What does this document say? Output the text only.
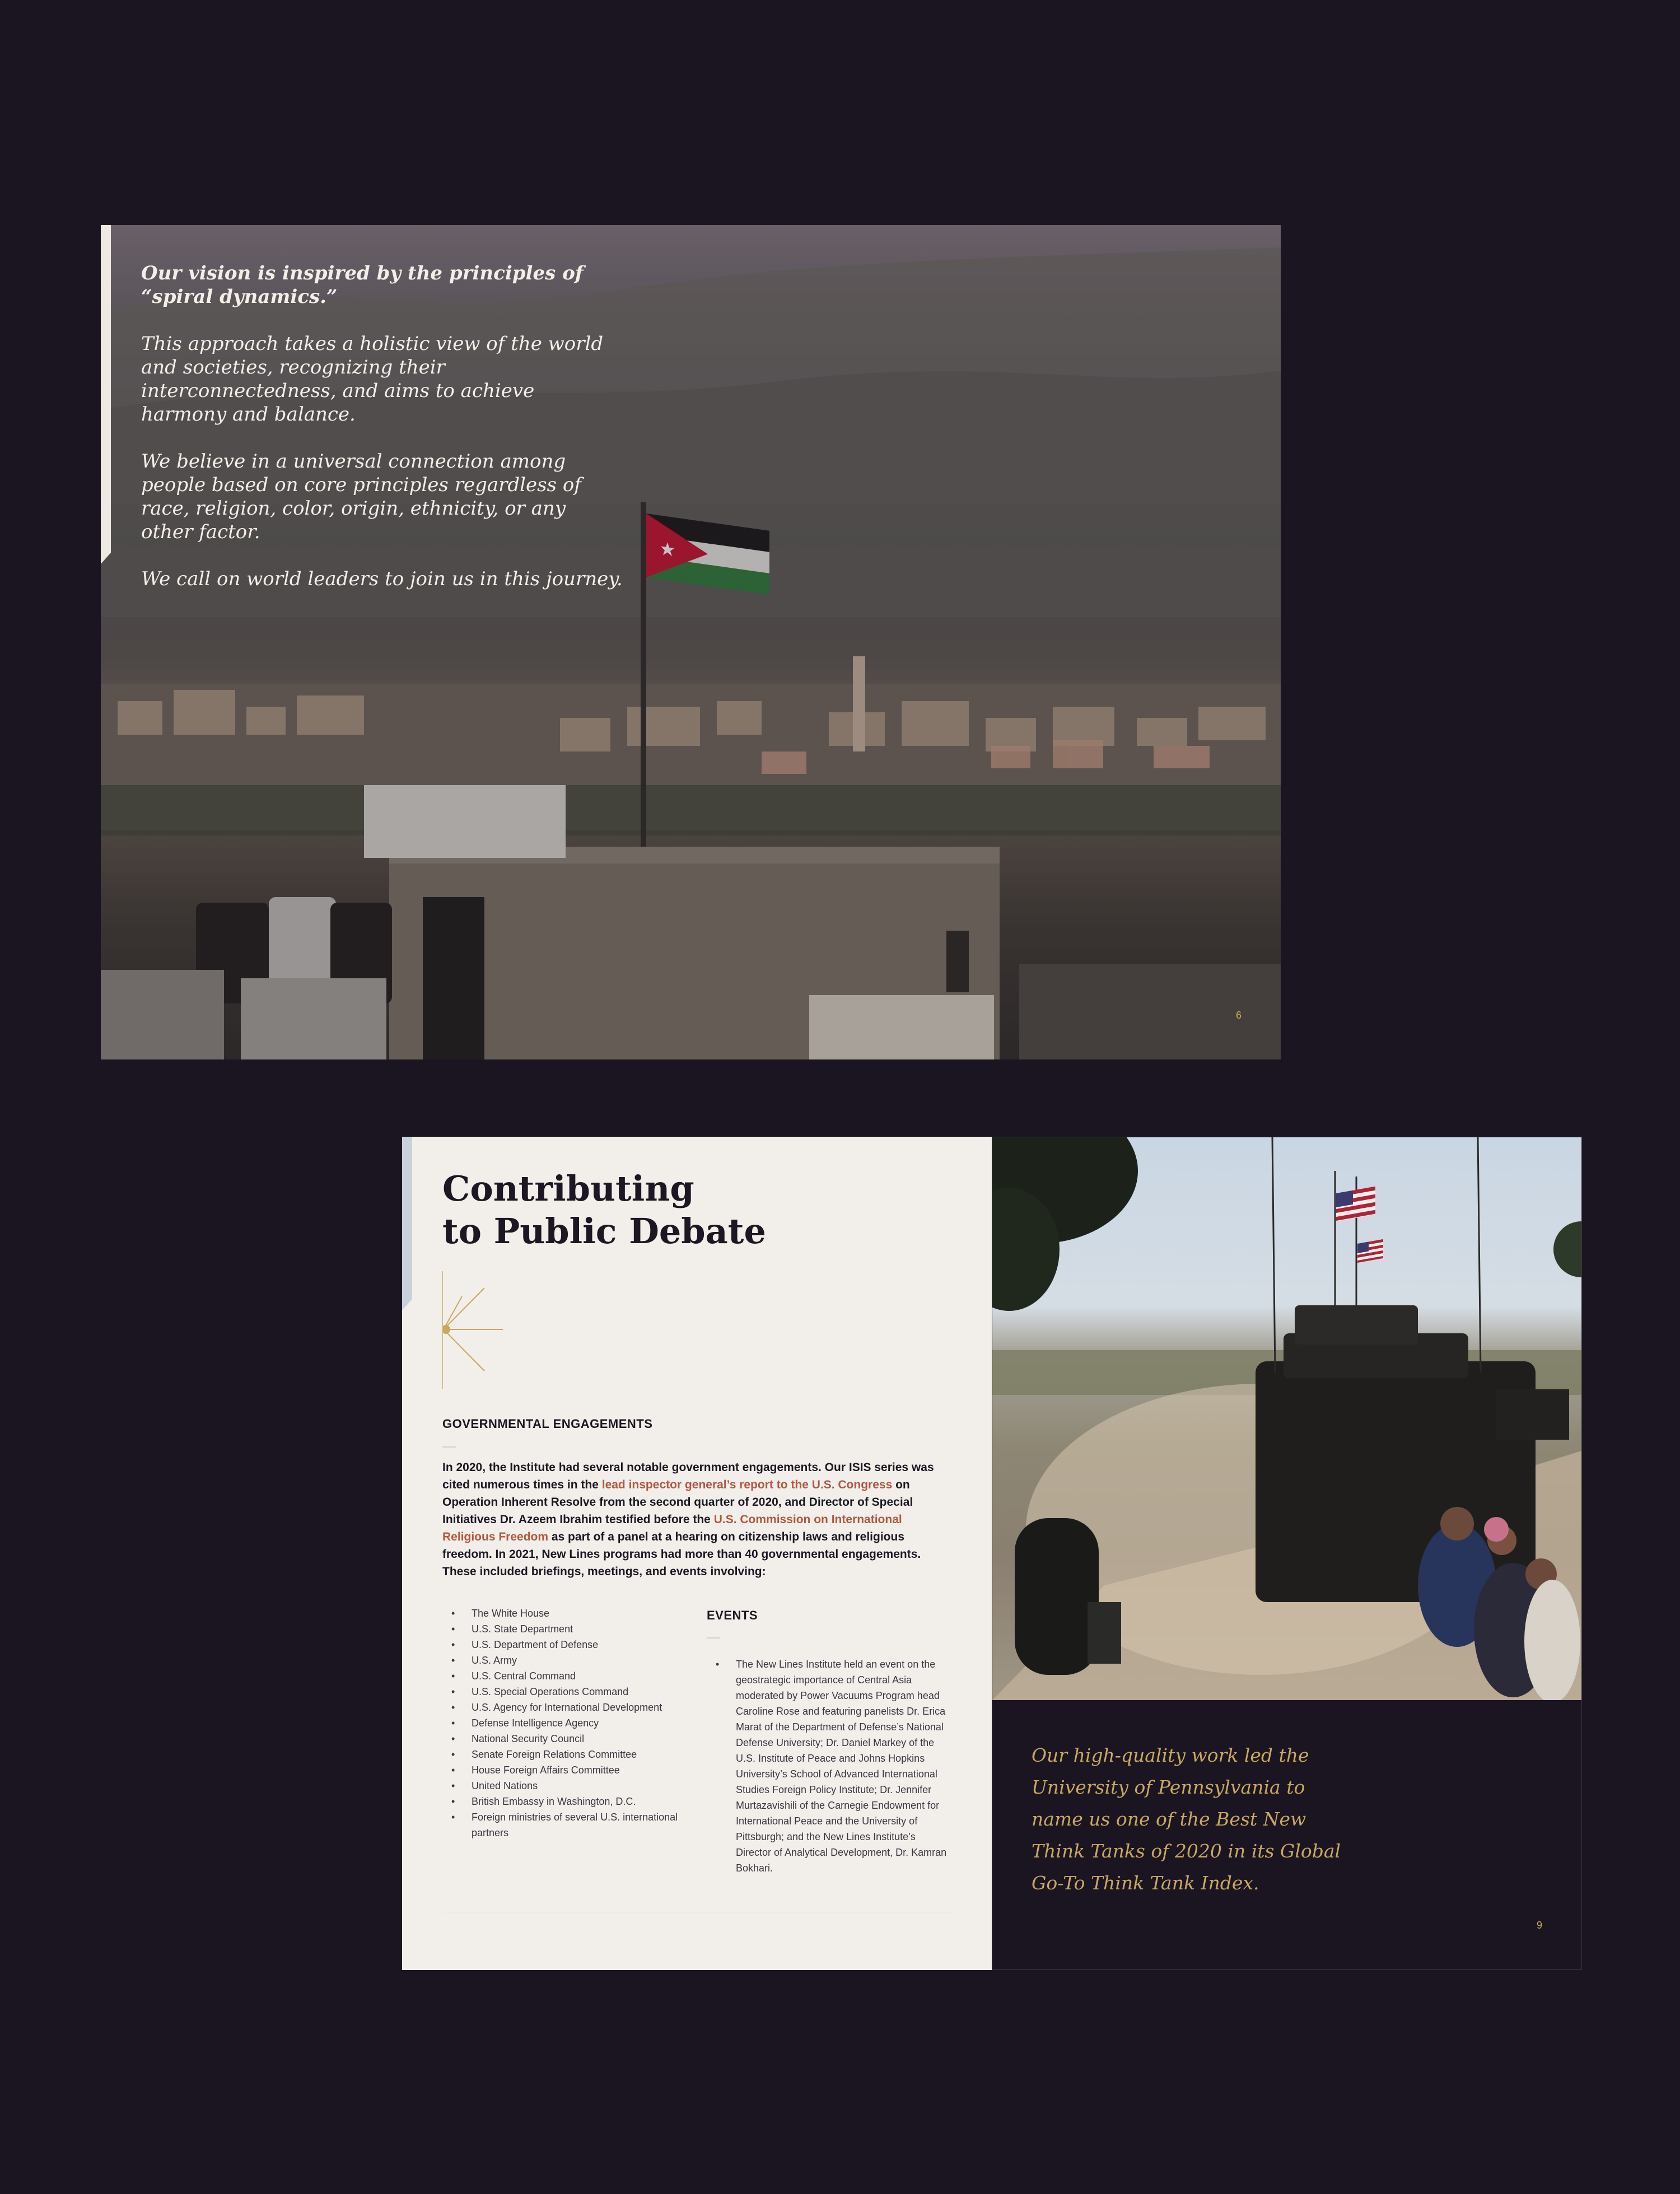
Our vision is inspired by the principles of “spiral dynamics.”

This approach takes a holistic view of the world and societies, recognizing their interconnectedness, and aims to achieve harmony and balance.

We believe in a universal connection among people based on core principles regardless of race, religion, color, origin, ethnicity, or any other factor.

We call on world leaders to join us in this journey.

6
Contributing
to Public Debate
GOVERNMENTAL ENGAGEMENTS
In 2020, the Institute had several notable government engagements. Our ISIS series was cited numerous times in the lead inspector general’s report to the U.S. Congress on Operation Inherent Resolve from the second quarter of 2020, and Director of Special Initiatives Dr. Azeem Ibrahim testified before the U.S. Commission on International Religious Freedom as part of a panel at a hearing on citizenship laws and religious freedom. In 2021, New Lines programs had more than 40 governmental engagements. These included briefings, meetings, and events involving:
• The White House
• U.S. State Department
• U.S. Department of Defense
• U.S. Army
• U.S. Central Command
• U.S. Special Operations Command
• U.S. Agency for International Development
• Defense Intelligence Agency
• National Security Council
• Senate Foreign Relations Committee
• House Foreign Affairs Committee
• United Nations
• British Embassy in Washington, D.C.
• Foreign ministries of several U.S. international partners
EVENTS
• The New Lines Institute held an event on the geostrategic importance of Central Asia moderated by Power Vacuums Program head Caroline Rose and featuring panelists Dr. Erica Marat of the Department of Defense’s National Defense University; Dr. Daniel Markey of the U.S. Institute of Peace and Johns Hopkins University’s School of Advanced International Studies Foreign Policy Institute; Dr. Jennifer Murtazavishili of the Carnegie Endowment for International Peace and the University of Pittsburgh; and the New Lines Institute’s Director of Analytical Development, Dr. Kamran Bokhari.

Our high-quality work led the University of Pennsylvania to name us one of the Best New Think Tanks of 2020 in its Global Go-To Think Tank Index.

9
